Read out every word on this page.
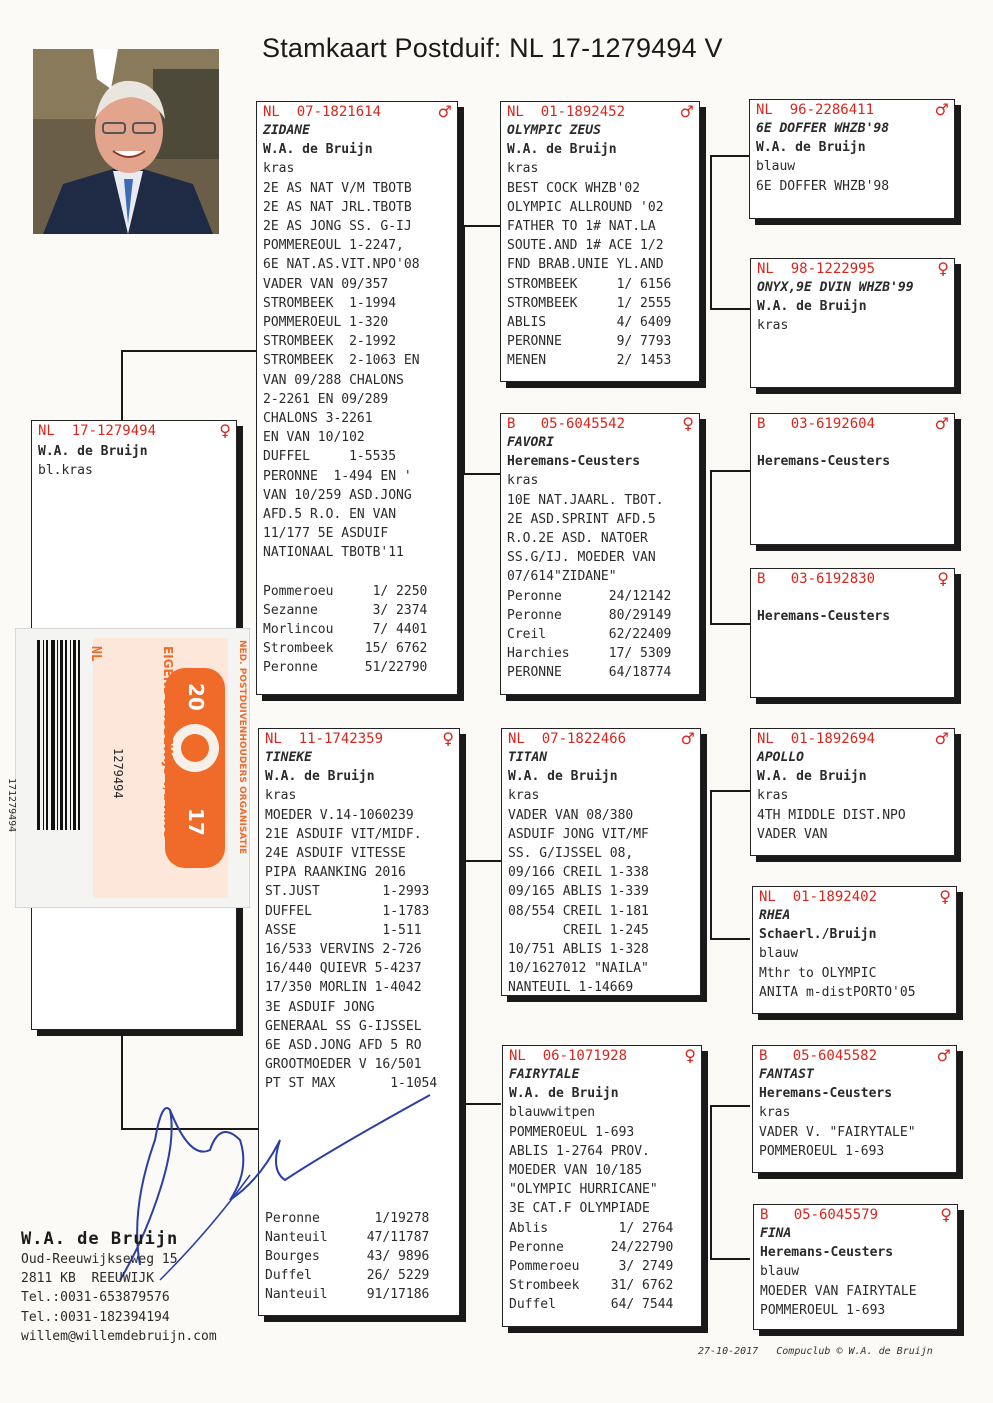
Stamkaart Postduif: NL 17-1279494 V
NL  17-1279494	♀
W.A. de Bruijn
bl.kras
NL  07-1821614	♂
ZIDANE
W.A. de Bruijn
kras
2E AS NAT V/M TBOTB
2E AS NAT JRL.TBOTB
2E AS JONG SS. G-IJ
POMMEREOUL 1-2247,
6E NAT.AS.VIT.NPO'08
VADER VAN 09/357
STROMBEEK  1-1994
POMMEROEUL 1-320
STROMBEEK  2-1992
STROMBEEK  2-1063 EN
VAN 09/288 CHALONS
2-2261 EN 09/289
CHALONS 3-2261
EN VAN 10/102
DUFFEL     1-5535
PERONNE  1-494 EN '
VAN 10/259 ASD.JONG
AFD.5 R.O. EN VAN
11/177 5E ASDUIF
NATIONAAL TBOTB'11
Pommeroeu     1/ 2250
Sezanne       3/ 2374
Morlincou     7/ 4401
Strombeek    15/ 6762
Peronne      51/22790
NL  11-1742359	♀
TINEKE
W.A. de Bruijn
kras
MOEDER V.14-1060239
21E ASDUIF VIT/MIDF.
24E ASDUIF VITESSE
PIPA RAANKING 2016
ST.JUST        1-2993
DUFFEL         1-1783
ASSE           1-511
16/533 VERVINS 2-726
16/440 QUIEVR 5-4237
17/350 MORLIN 1-4042
3E ASDUIF JONG
GENERAAL SS G-IJSSEL
6E ASD.JONG AFD 5 RO
GROOTMOEDER V 16/501
PT ST MAX       1-1054
Peronne       1/19278
Nanteuil     47/11787
Bourges      43/ 9896
Duffel       26/ 5229
Nanteuil     91/17186
NL  01-1892452	♂
OLYMPIC ZEUS
W.A. de Bruijn
kras
BEST COCK WHZB'02
OLYMPIC ALLROUND '02
FATHER TO 1# NAT.LA
SOUTE.AND 1# ACE 1/2
FND BRAB.UNIE YL.AND
STROMBEEK     1/ 6156
STROMBEEK     1/ 2555
ABLIS         4/ 6409
PERONNE       9/ 7793
MENEN         2/ 1453
B   05-6045542	♀
FAVORI
Heremans-Ceusters
kras
10E NAT.JAARL. TBOT.
2E ASD.SPRINT AFD.5
R.O.2E ASD. NATOER
SS.G/IJ. MOEDER VAN
07/614"ZIDANE"
Peronne      24/12142
Peronne      80/29149
Creil        62/22409
Harchies     17/ 5309
PERONNE      64/18774
NL  07-1822466	♂
TITAN
W.A. de Bruijn
kras
VADER VAN 08/380
ASDUIF JONG VIT/MF
SS. G/IJSSEL 08,
09/166 CREIL 1-338
09/165 ABLIS 1-339
08/554 CREIL 1-181
CREIL 1-245
10/751 ABLIS 1-328
10/1627012 "NAILA"
NANTEUIL 1-14669
NL  06-1071928	♀
FAIRYTALE
W.A. de Bruijn
blauwwitpen
POMMEROEUL 1-693
ABLIS 1-2764 PROV.
MOEDER VAN 10/185
"OLYMPIC HURRICANE"
3E CAT.F OLYMPIADE
Ablis         1/ 2764
Peronne      24/22790
Pommeroeu     3/ 2749
Strombeek    31/ 6762
Duffel       64/ 7544
NL  96-2286411	♂
6E DOFFER WHZB'98
W.A. de Bruijn
blauw
6E DOFFER WHZB'98
NL  98-1222995	♀
ONYX,9E DVIN WHZB'99
W.A. de Bruijn
kras
B   03-6192604	♂
Heremans-Ceusters
B   03-6192830	♀
Heremans-Ceusters
NL  01-1892694	♂
APOLLO
W.A. de Bruijn
kras
4TH MIDDLE DIST.NPO
VADER VAN
NL  01-1892402	♀
RHEA
Schaerl./Bruijn
blauw
Mthr to OLYMPIC
ANITA m-distPORTO'05
B   05-6045582	♂
FANTAST
Heremans-Ceusters
kras
VADER V. "FAIRYTALE"
POMMEROEUL 1-693
B   05-6045579	♀
FINA
Heremans-Ceusters
blauw
MOEDER VAN FAIRYTALE
POMMEROEUL 1-693
171279494
NL
1279494
20
17
EIGENDOMSBEWIJS v/d RING	NED. POSTDUIVENHOUDERS ORGANISATIE
W.A. de Bruijn
Oud-Reeuwijkseweg 15
2811 KB  REEUWIJK
Tel.:0031-653879576
Tel.:0031-182394194
willem@willemdebruijn.com
27-10-2017   Compuclub © W.A. de Bruijn
